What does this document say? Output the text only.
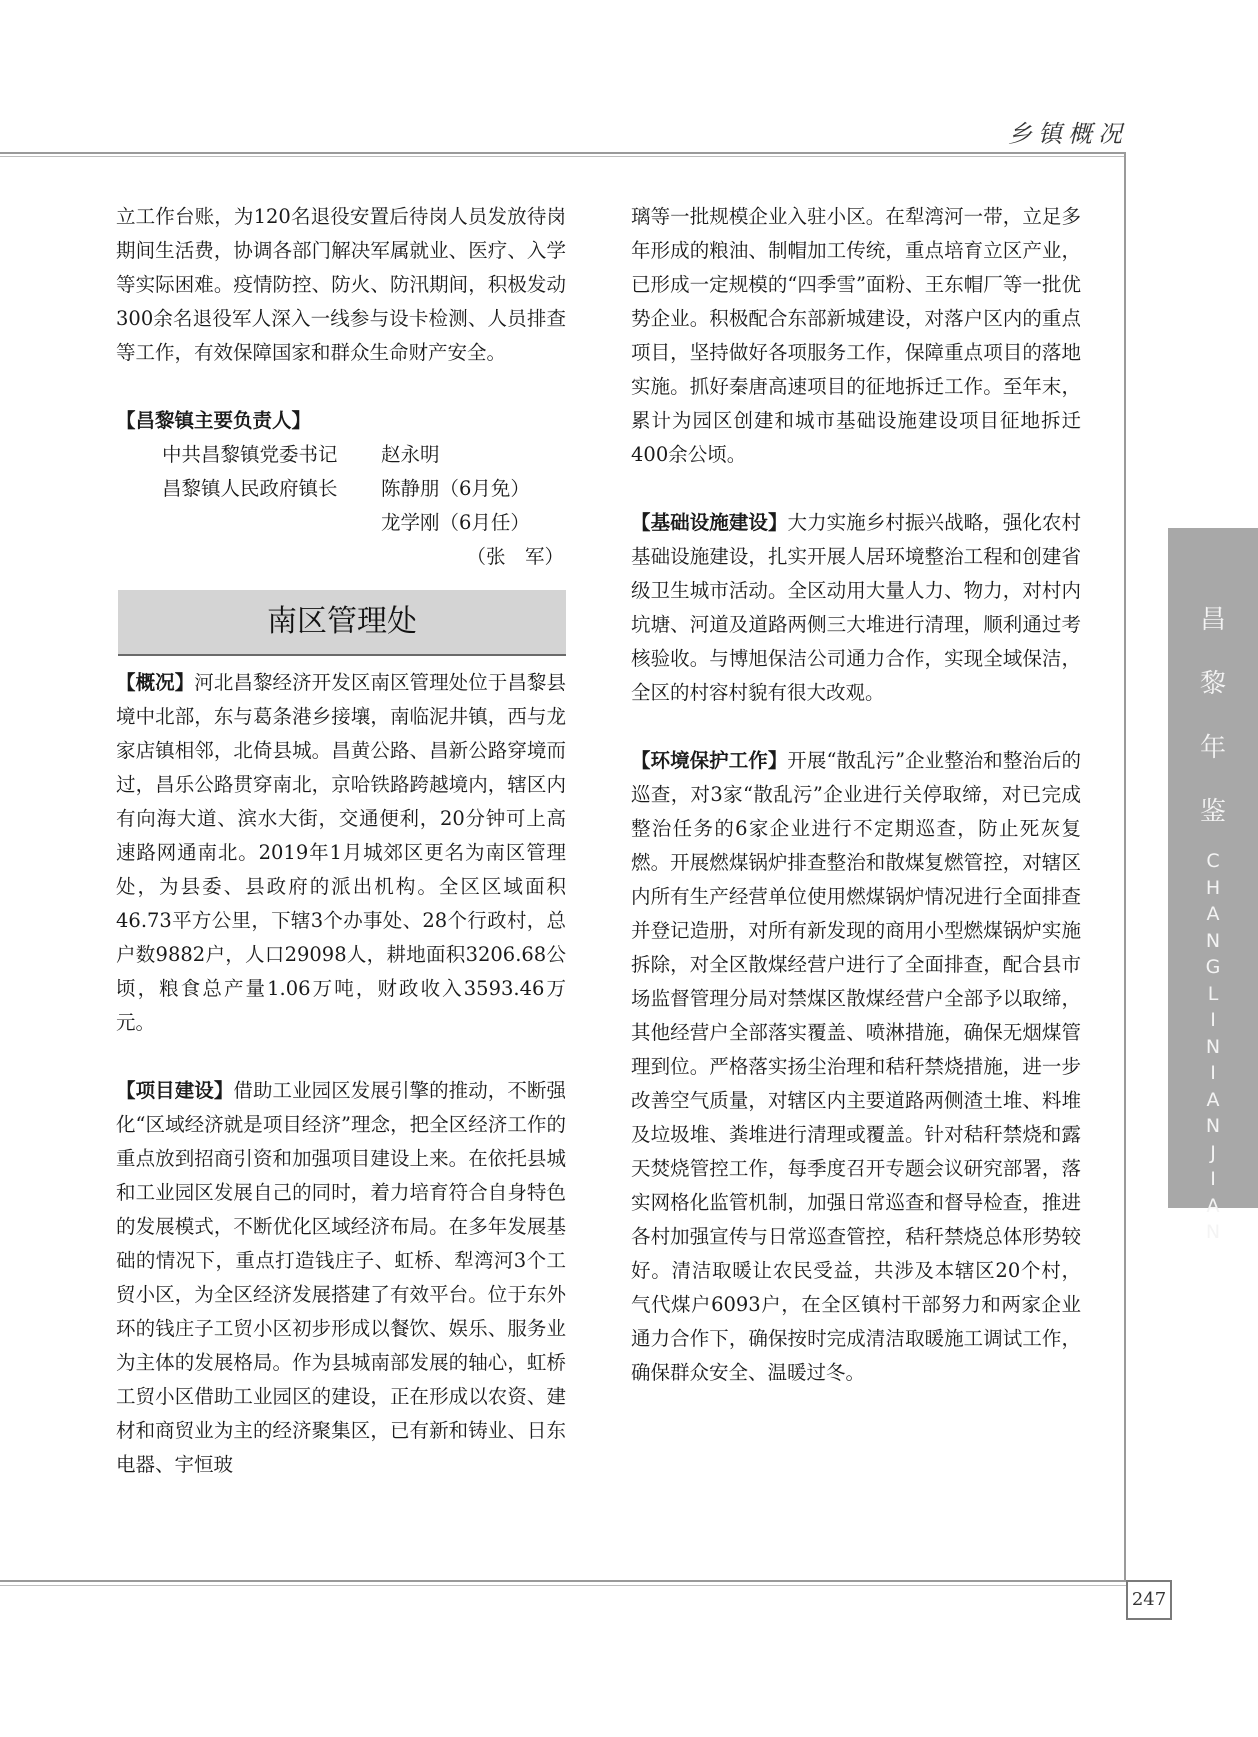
乡镇概况
昌
黎
年
鉴
C
H
A
N
G
L
I
N
I
A
N
J
I
A
N
247

立工作台账，为120名退役安置后待岗人员发放待岗期间生活费，协调各部门解决军属就业、医疗、入学等实际困难。疫情防控、防火、防汛期间，积极发动300余名退役军人深入一线参与设卡检测、人员排查等工作，有效保障国家和群众生命财产安全。

【昌黎镇主要负责人】

中共昌黎镇党委书记	赵永明
昌黎镇人民政府镇长	陈静朋（6月免）
龙学刚（6月任）
（张　军）
南区管理处

【概况】河北昌黎经济开发区南区管理处位于昌黎县境中北部，东与葛条港乡接壤，南临泥井镇，西与龙家店镇相邻，北倚县城。昌黄公路、昌新公路穿境而过，昌乐公路贯穿南北，京哈铁路跨越境内，辖区内有向海大道、滨水大街，交通便利，20分钟可上高速路网通南北。2019年1月城郊区更名为南区管理处，为县委、县政府的派出机构。全区区域面积46.73平方公里，下辖3个办事处、28个行政村，总户数9882户，人口29098人，耕地面积3206.68公顷，粮食总产量1.06万吨，财政收入3593.46万元。

【项目建设】借助工业园区发展引擎的推动，不断强化“区域经济就是项目经济”理念，把全区经济工作的重点放到招商引资和加强项目建设上来。在依托县城和工业园区发展自己的同时，着力培育符合自身特色的发展模式，不断优化区域经济布局。在多年发展基础的情况下，重点打造钱庄子、虹桥、犁湾河3个工贸小区，为全区经济发展搭建了有效平台。位于东外环的钱庄子工贸小区初步形成以餐饮、娱乐、服务业为主体的发展格局。作为县城南部发展的轴心，虹桥工贸小区借助工业园区的建设，正在形成以农资、建材和商贸业为主的经济聚集区，已有新和铸业、日东电器、宇恒玻

璃等一批规模企业入驻小区。在犁湾河一带，立足多年形成的粮油、制帽加工传统，重点培育立区产业，已形成一定规模的“四季雪”面粉、王东帽厂等一批优势企业。积极配合东部新城建设，对落户区内的重点项目，坚持做好各项服务工作，保障重点项目的落地实施。抓好秦唐高速项目的征地拆迁工作。至年末，累计为园区创建和城市基础设施建设项目征地拆迁400余公顷。

【基础设施建设】大力实施乡村振兴战略，强化农村基础设施建设，扎实开展人居环境整治工程和创建省级卫生城市活动。全区动用大量人力、物力，对村内坑塘、河道及道路两侧三大堆进行清理，顺利通过考核验收。与博旭保洁公司通力合作，实现全域保洁，全区的村容村貌有很大改观。

【环境保护工作】开展“散乱污”企业整治和整治后的巡查，对3家“散乱污”企业进行关停取缔，对已完成整治任务的6家企业进行不定期巡查，防止死灰复燃。开展燃煤锅炉排查整治和散煤复燃管控，对辖区内所有生产经营单位使用燃煤锅炉情况进行全面排查并登记造册，对所有新发现的商用小型燃煤锅炉实施拆除，对全区散煤经营户进行了全面排查，配合县市场监督管理分局对禁煤区散煤经营户全部予以取缔，其他经营户全部落实覆盖、喷淋措施，确保无烟煤管理到位。严格落实扬尘治理和秸秆禁烧措施，进一步改善空气质量，对辖区内主要道路两侧渣土堆、料堆及垃圾堆、粪堆进行清理或覆盖。针对秸秆禁烧和露天焚烧管控工作，每季度召开专题会议研究部署，落实网格化监管机制，加强日常巡查和督导检查，推进各村加强宣传与日常巡查管控，秸秆禁烧总体形势较好。清洁取暖让农民受益，共涉及本辖区20个村，气代煤户6093户，在全区镇村干部努力和两家企业通力合作下，确保按时完成清洁取暖施工调试工作，确保群众安全、温暖过冬。
